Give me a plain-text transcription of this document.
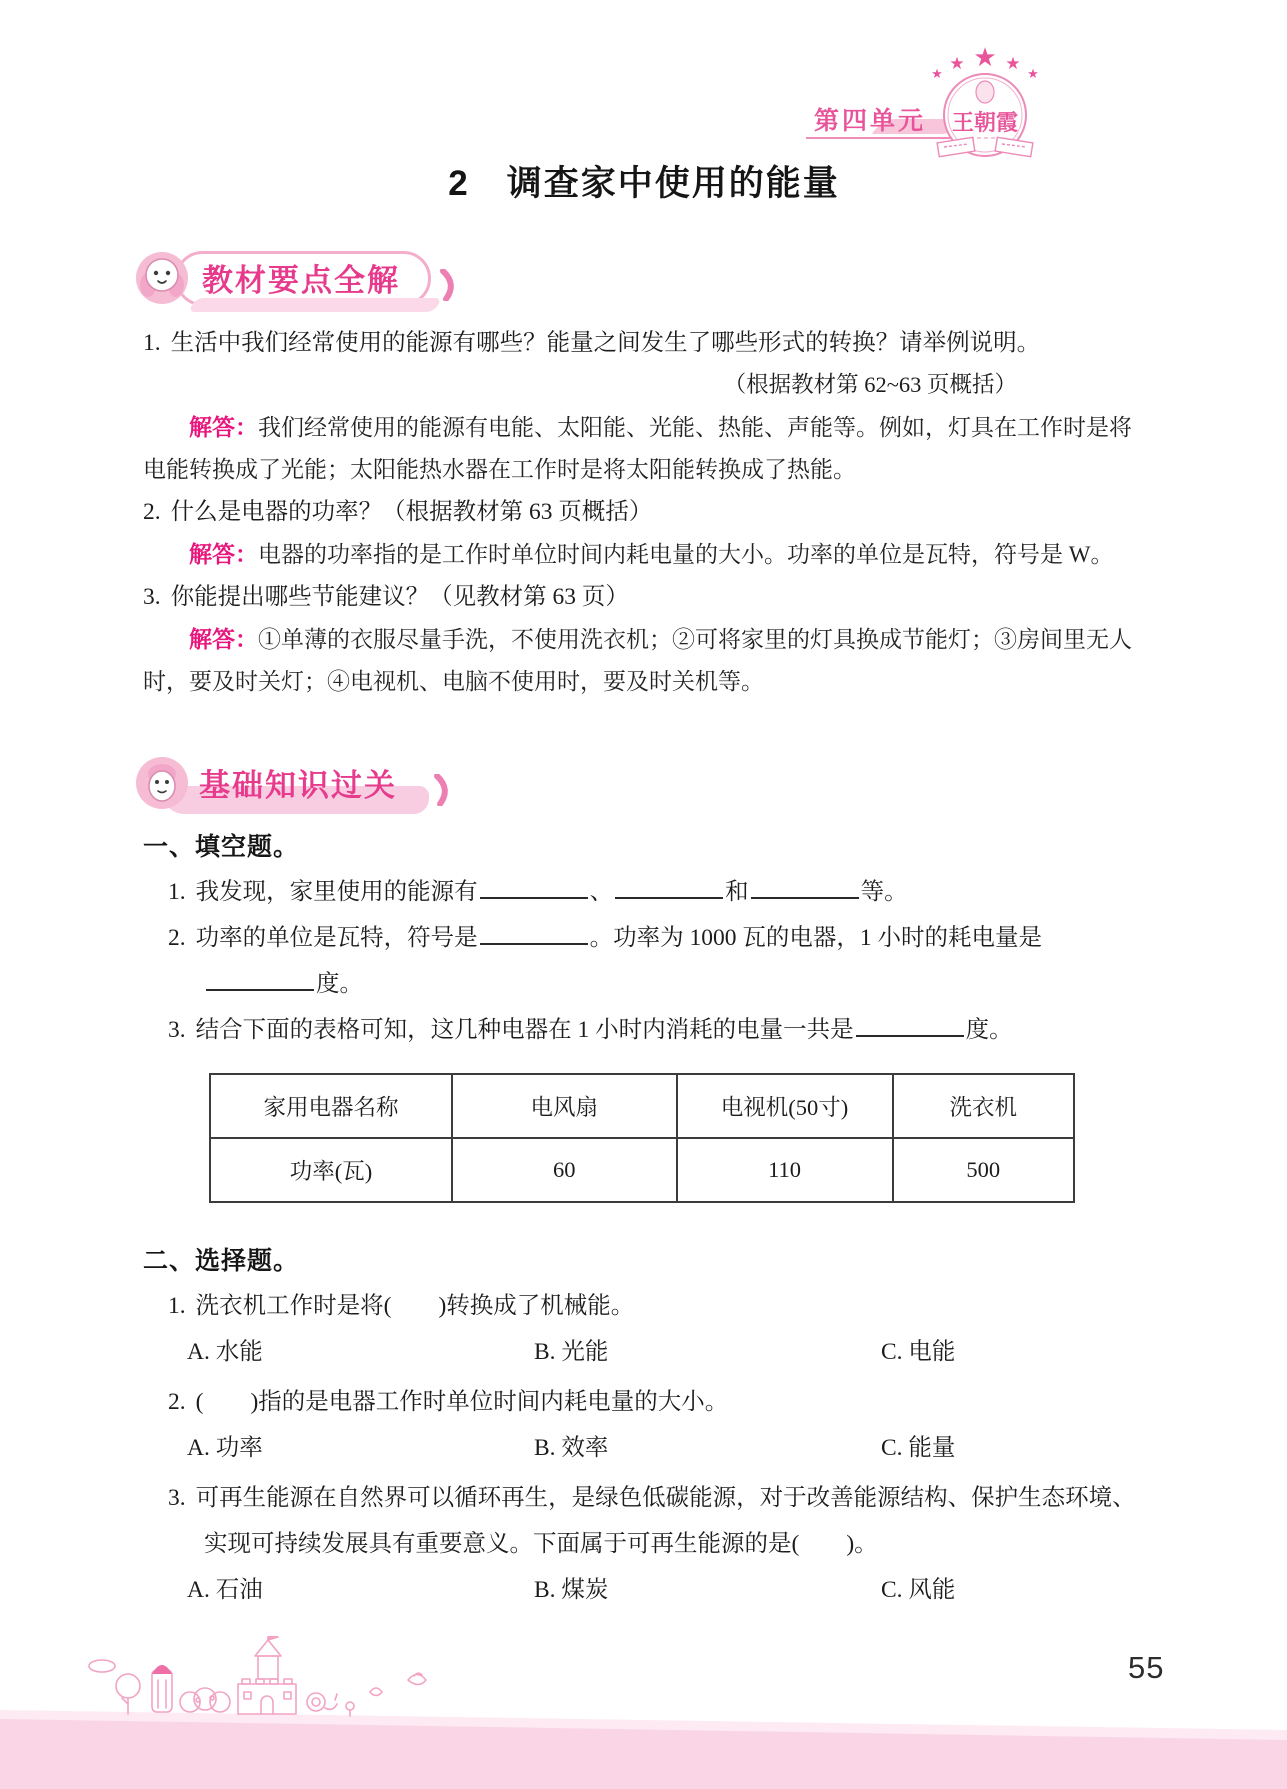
第四单元
★
★ ★
★	★
王朝霞
2　调查家中使用的能量
教材要点全解

1. 生活中我们经常使用的能源有哪些？能量之间发生了哪些形式的转换？请举例说明。

（根据教材第 62~63 页概括）

解答：我们经常使用的能源有电能、太阳能、光能、热能、声能等。例如，灯具在工作时是将电能转换成了光能；太阳能热水器在工作时是将太阳能转换成了热能。

2. 什么是电器的功率？（根据教材第 63 页概括）

解答：电器的功率指的是工作时单位时间内耗电量的大小。功率的单位是瓦特，符号是 W。

3. 你能提出哪些节能建议？（见教材第 63 页）

解答：①单薄的衣服尽量手洗，不使用洗衣机；②可将家里的灯具换成节能灯；③房间里无人时，要及时关灯；④电视机、电脑不使用时，要及时关机等。

基础知识过关
一、填空题。

1. 我发现，家里使用的能源有	、	和	等。

2. 功率的单位是瓦特，符号是	。功率为 1000 瓦的电器，1 小时的耗电量是度。

3. 结合下面的表格可知，这几种电器在 1 小时内消耗的电量一共是	度。

家用电器名称	电风扇	电视机(50寸)	洗衣机
功率(瓦)	60	110	500
二、选择题。

1. 洗衣机工作时是将(　　)转换成了机械能。

A. 水能	B. 光能	C. 电能

2. (　　)指的是电器工作时单位时间内耗电量的大小。

A. 功率	B. 效率	C. 能量

3. 可再生能源在自然界可以循环再生，是绿色低碳能源，对于改善能源结构、保护生态环境、实现可持续发展具有重要意义。下面属于可再生能源的是(　　)。

A. 石油	B. 煤炭	C. 风能
55
